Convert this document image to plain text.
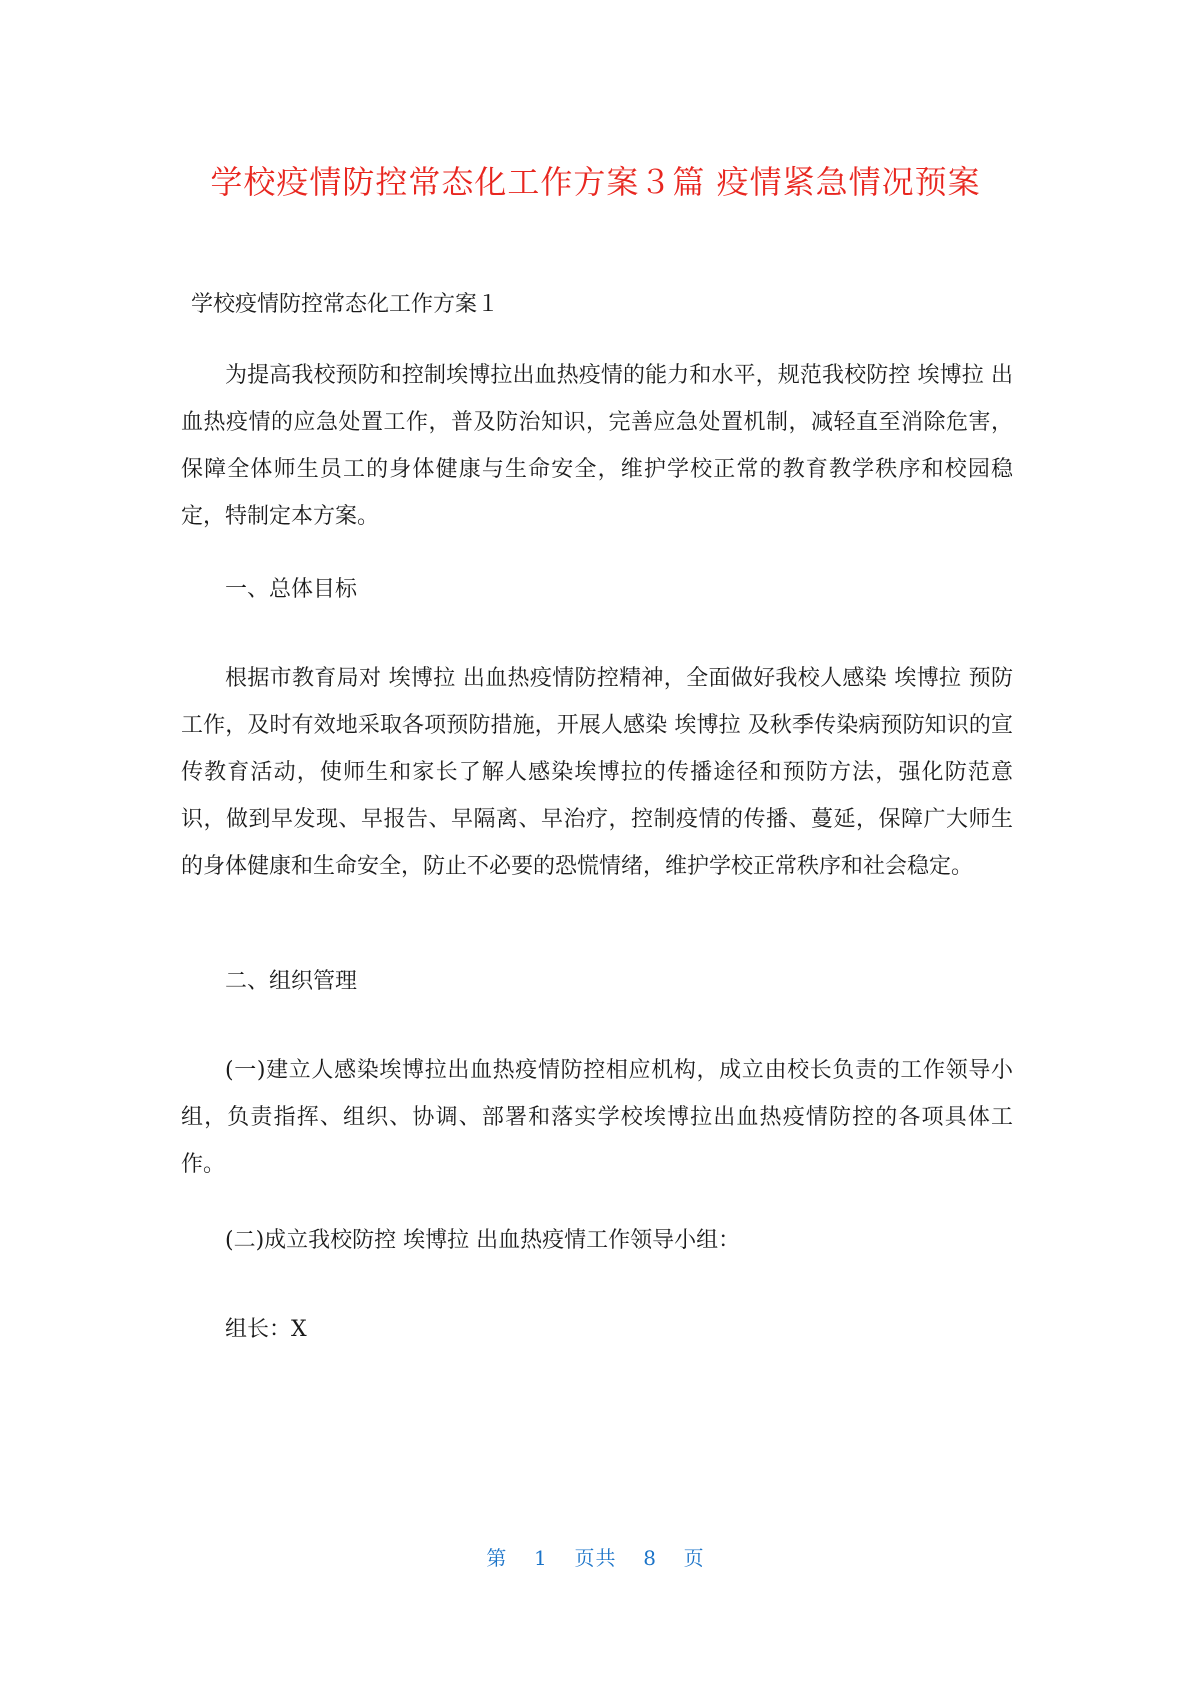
学校疫情防控常态化工作方案３篇 疫情紧急情况预案
学校疫情防控常态化工作方案１

为提高我校预防和控制埃博拉出血热疫情的能力和水平，规范我校防控 埃博拉 出血热疫情的应急处置工作，普及防治知识，完善应急处置机制，减轻直至消除危害，保障全体师生员工的身体健康与生命安全，维护学校正常的教育教学秩序和校园稳定，特制定本方案。

一、总体目标

根据市教育局对 埃博拉 出血热疫情防控精神，全面做好我校人感染 埃博拉 预防工作，及时有效地采取各项预防措施，开展人感染 埃博拉 及秋季传染病预防知识的宣传教育活动，使师生和家长了解人感染埃博拉的传播途径和预防方法，强化防范意识，做到早发现、早报告、早隔离、早治疗，控制疫情的传播、蔓延，保障广大师生的身体健康和生命安全，防止不必要的恐慌情绪，维护学校正常秩序和社会稳定。

二、组织管理

(一)建立人感染埃博拉出血热疫情防控相应机构，成立由校长负责的工作领导小组，负责指挥、组织、协调、部署和落实学校埃博拉出血热疫情防控的各项具体工作。

(二)成立我校防控 埃博拉 出血热疫情工作领导小组：

组长：X

第 1 页共 8 页
